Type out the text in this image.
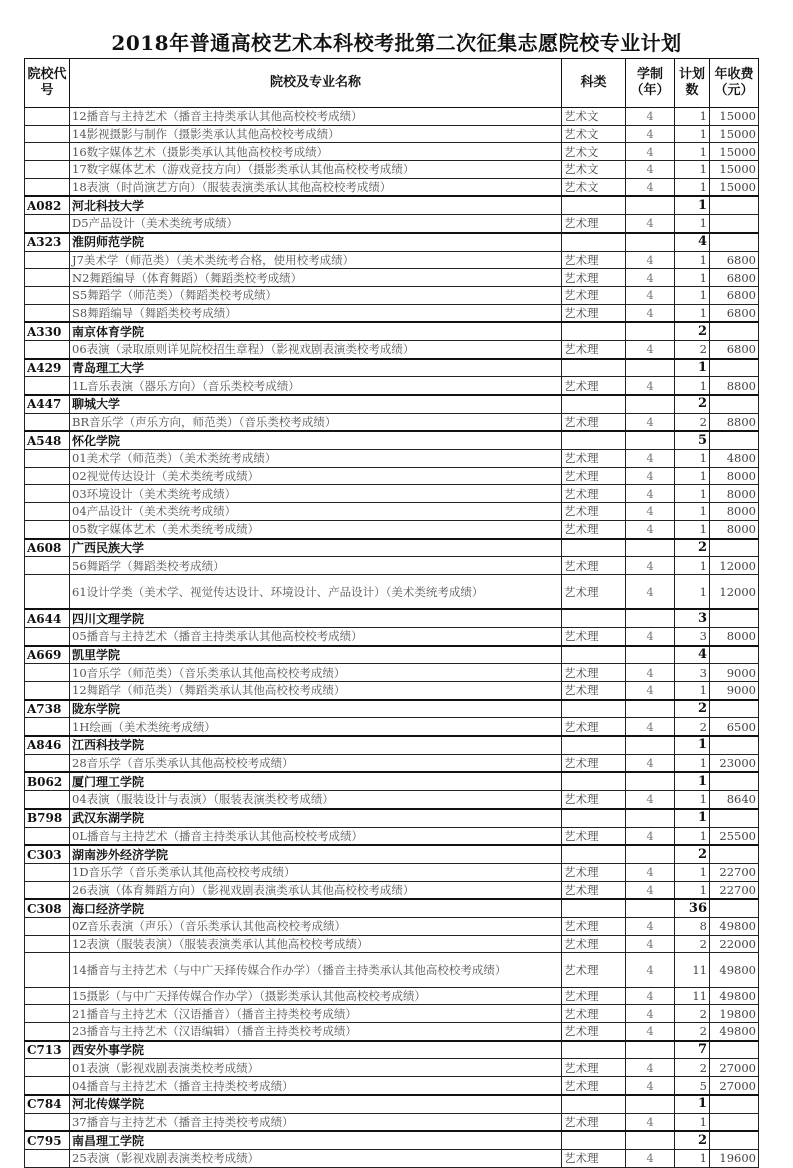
2018年普通高校艺术本科校考批第二次征集志愿院校专业计划
院校代号	院校及专业名称	科类	学制（年）	计划数	年收费（元）
	12播音与主持艺术（播音主持类承认其他高校校考成绩）	艺术文	4	1	15000
	14影视摄影与制作（摄影类承认其他高校校考成绩）	艺术文	4	1	15000
	16数字媒体艺术（摄影类承认其他高校校考成绩）	艺术文	4	1	15000
	17数字媒体艺术（游戏竞技方向）（摄影类承认其他高校校考成绩）	艺术文	4	1	15000
	18表演（时尚演艺方向）（服装表演类承认其他高校校考成绩）	艺术文	4	1	15000
A082	河北科技大学			1	
	D5产品设计（美术类统考成绩）	艺术理	4	1	
A323	淮阴师范学院			4	
	J7美术学（师范类）（美术类统考合格，使用校考成绩）	艺术理	4	1	6800
	N2舞蹈编导（体育舞蹈）（舞蹈类校考成绩）	艺术理	4	1	6800
	S5舞蹈学（师范类）（舞蹈类校考成绩）	艺术理	4	1	6800
	S8舞蹈编导（舞蹈类校考成绩）	艺术理	4	1	6800
A330	南京体育学院			2	
	06表演（录取原则详见院校招生章程）（影视戏剧表演类校考成绩）	艺术理	4	2	6800
A429	青岛理工大学			1	
	1L音乐表演（器乐方向）（音乐类校考成绩）	艺术理	4	1	8800
A447	聊城大学			2	
	BR音乐学（声乐方向，师范类）（音乐类校考成绩）	艺术理	4	2	8800
A548	怀化学院			5	
	01美术学（师范类）（美术类统考成绩）	艺术理	4	1	4800
	02视觉传达设计（美术类统考成绩）	艺术理	4	1	8000
	03环境设计（美术类统考成绩）	艺术理	4	1	8000
	04产品设计（美术类统考成绩）	艺术理	4	1	8000
	05数字媒体艺术（美术类统考成绩）	艺术理	4	1	8000
A608	广西民族大学			2	
	56舞蹈学（舞蹈类校考成绩）	艺术理	4	1	12000
	61设计学类（美术学、视觉传达设计、环境设计、产品设计）（美术类统考成绩）	艺术理	4	1	12000
A644	四川文理学院			3	
	05播音与主持艺术（播音主持类承认其他高校校考成绩）	艺术理	4	3	8000
A669	凯里学院			4	
	10音乐学（师范类）（音乐类承认其他高校校考成绩）	艺术理	4	3	9000
	12舞蹈学（师范类）（舞蹈类承认其他高校校考成绩）	艺术理	4	1	9000
A738	陇东学院			2	
	1H绘画（美术类统考成绩）	艺术理	4	2	6500
A846	江西科技学院			1	
	28音乐学（音乐类承认其他高校校考成绩）	艺术理	4	1	23000
B062	厦门理工学院			1	
	04表演（服装设计与表演）（服装表演类校考成绩）	艺术理	4	1	8640
B798	武汉东湖学院			1	
	0L播音与主持艺术（播音主持类承认其他高校校考成绩）	艺术理	4	1	25500
C303	湖南涉外经济学院			2	
	1D音乐学（音乐类承认其他高校校考成绩）	艺术理	4	1	22700
	26表演（体育舞蹈方向）（影视戏剧表演类承认其他高校校考成绩）	艺术理	4	1	22700
C308	海口经济学院			36	
	0Z音乐表演（声乐）（音乐类承认其他高校校考成绩）	艺术理	4	8	49800
	12表演（服装表演）（服装表演类承认其他高校校考成绩）	艺术理	4	2	22000
	14播音与主持艺术（与中广天择传媒合作办学）（播音主持类承认其他高校校考成绩）	艺术理	4	11	49800
	15摄影（与中广天择传媒合作办学）（摄影类承认其他高校校考成绩）	艺术理	4	11	49800
	21播音与主持艺术（汉语播音）（播音主持类校考成绩）	艺术理	4	2	19800
	23播音与主持艺术（汉语编辑）（播音主持类校考成绩）	艺术理	4	2	49800
C713	西安外事学院			7	
	01表演（影视戏剧表演类校考成绩）	艺术理	4	2	27000
	04播音与主持艺术（播音主持类校考成绩）	艺术理	4	5	27000
C784	河北传媒学院			1	
	37播音与主持艺术（播音主持类校考成绩）	艺术理	4	1	
C795	南昌理工学院			2	
	25表演（影视戏剧表演类校考成绩）	艺术理	4	1	19600
